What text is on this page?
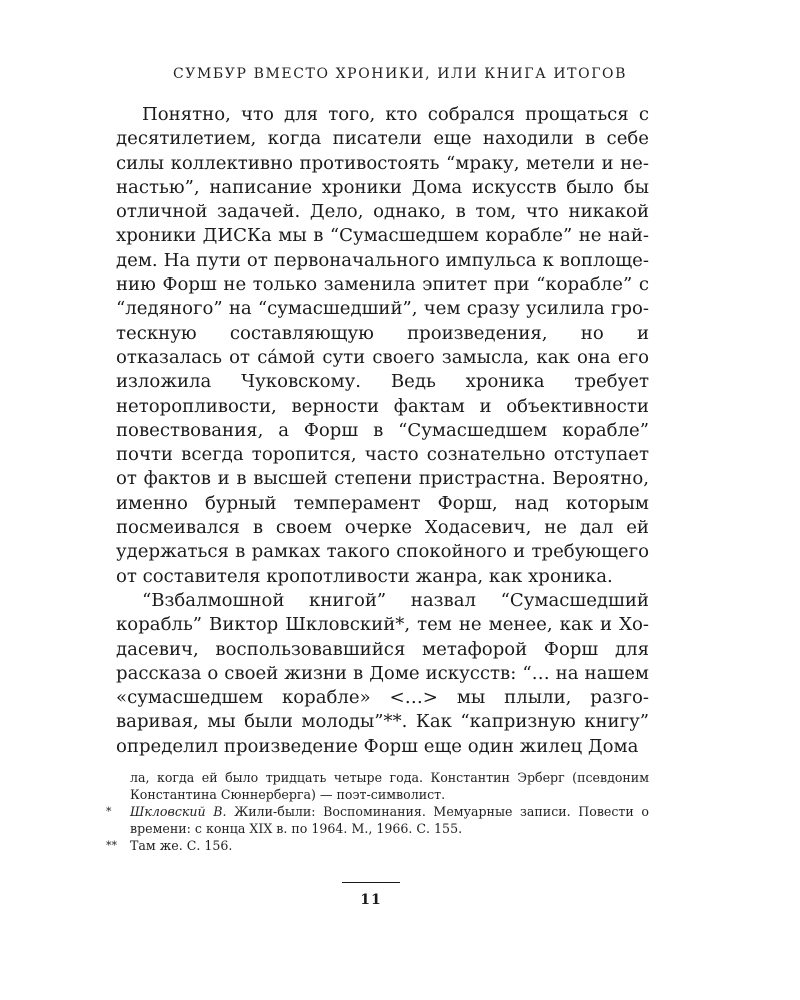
СУМБУР ВМЕСТО ХРОНИКИ, ИЛИ КНИГА ИТОГОВ

Понятно, что для того, кто собрался прощаться с десятилетием, когда писатели еще находили в себе силы коллективно противостоять “мраку, метели и ненастью”, написание хроники Дома искусств было бы отличной задачей. Дело, однако, в том, что никакой хроники ДИСКа мы в “Сумасшедшем корабле” не найдем. На пути от первоначального импульса к воплощению Форш не только заменила эпитет при “корабле” с “ледяного” на “сумасшедший”, чем сразу усилила гротескную составляющую произведения, но и отказалась от са́мой сути своего замысла, как она его изложила Чуковскому. Ведь хроника требует неторопливости, верности фактам и объективности повествования, а Форш в “Сумасшедшем корабле” почти всегда торопится, часто сознательно отступает от фактов и в высшей степени пристрастна. Вероятно, именно бурный темперамент Форш, над которым посмеивался в своем очерке Ходасевич, не дал ей удержаться в рамках такого спокойного и требующего от составителя кропотливости жанра, как хроника.

“Взбалмошной книгой” назвал “Сумасшедший корабль” Виктор Шкловский*, тем не менее, как и Ходасевич, воспользовавшийся метафорой Форш для рассказа о своей жизни в Доме искусств: “… на нашем «сумасшедшем корабле» <…> мы плыли, разговаривая, мы были молоды”**. Как “капризную книгу” определил произведение Форш еще один жилец Дома

ла, когда ей было тридцать четыре года. Константин Эрберг (псевдоним Константина Сюннерберга) — поэт-символист.

* Шкловский В. Жили-были: Воспоминания. Мемуарные записи. Повести о времени: с конца XIX в. по 1964. М., 1966. С. 155.

** Там же. С. 156.

11
